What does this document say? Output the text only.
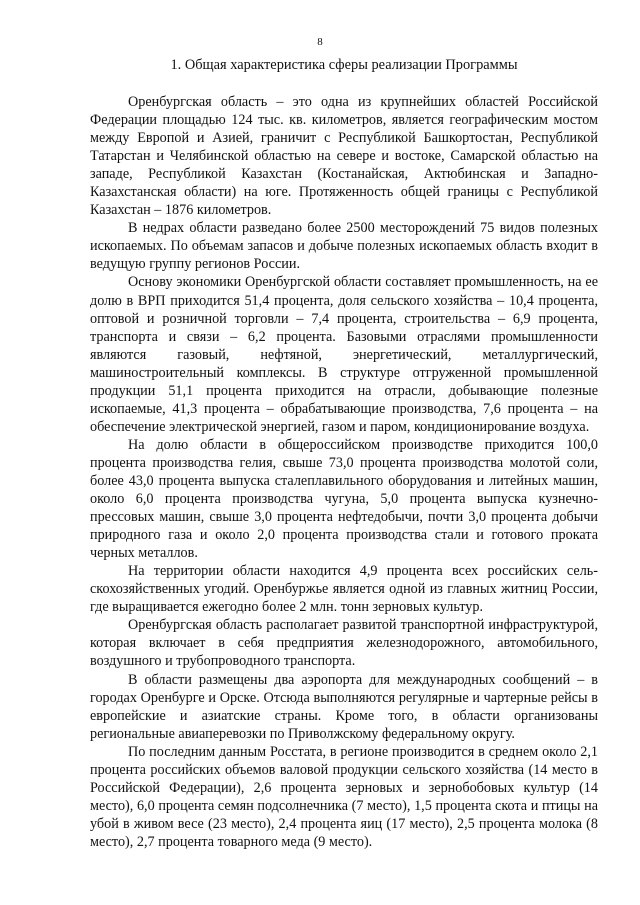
8
1. Общая характеристика сферы реализации Программы

Оренбургская область – это одна из крупнейших областей Российской Федерации площадью 124 тыс. кв. километров, является географическим мостом между Европой и Азией, граничит с Республикой Башкортостан, Республикой Татарстан и Челябинской областью на севере и востоке, Самарской областью на западе, Республикой Казахстан (Костанайская, Актюбинская и Западно-Казахстанская области) на юге. Протяженность общей границы с Республикой Казахстан – 1876 километров.

В недрах области разведано более 2500 месторождений 75 видов полезных ископаемых. По объемам запасов и добыче полезных ископаемых область входит в ведущую группу регионов России.

Основу экономики Оренбургской области составляет промышленность, на ее долю в ВРП приходится 51,4 процента, доля сельского хозяйства – 10,4 процента, оптовой и розничной торговли – 7,4 процента, строительства – 6,9 процента, транспорта и связи – 6,2 процента. Базовыми отраслями промышленности являются газовый, нефтяной, энергетический, металлургический, машиностроительный комплексы. В структуре отгруженной промышленной продукции 51,1 процента приходится на отрасли, добывающие полезные ископаемые, 41,3 процента – обрабатывающие производства, 7,6 процента – на обеспечение электрической энергией, газом и паром, кондиционирование воздуха.

На долю области в общероссийском производстве приходится 100,0 процента производства гелия, свыше 73,0 процента производства молотой соли, более 43,0 процента выпуска сталеплавильного оборудования и литейных машин, около 6,0 процента производства чугуна, 5,0 процента выпуска кузнечно-прессовых машин, свыше 3,0 процента нефтедобычи, почти 3,0 процента добычи природного газа и около 2,0 процента производства стали и готового проката черных металлов.

На территории области находится 4,9 процента всех российских сельскохозяйственных угодий. Оренбуржье является одной из главных житниц России, где выращивается ежегодно более 2 млн. тонн зерновых культур.

Оренбургская область располагает развитой транспортной инфраструктурой, которая включает в себя предприятия железнодорожного, автомобильного, воздушного и трубопроводного транспорта.

В области размещены два аэропорта для международных сообщений – в городах Оренбурге и Орске. Отсюда выполняются регулярные и чартерные рейсы в европейские и азиатские страны. Кроме того, в области организованы региональные авиаперевозки по Приволжскому федеральному округу.

По последним данным Росстата, в регионе производится в среднем около 2,1 процента российских объемов валовой продукции сельского хозяйства (14 место в Российской Федерации), 2,6 процента зерновых и зернобобовых культур (14 место), 6,0 процента семян подсолнечника (7 место), 1,5 процента скота и птицы на убой в живом весе (23 место), 2,4 процента яиц (17 место), 2,5 процента молока (8 место), 2,7 процента товарного меда (9 место).
